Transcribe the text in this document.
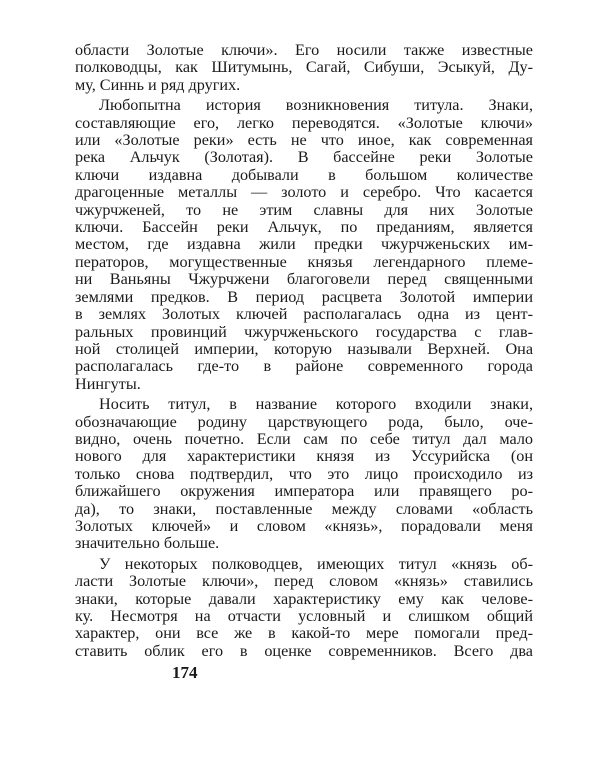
области Золотые ключи». Его носили также известные
полководцы, как Шитумынь, Сагай, Сибуши, Эсыкуй, Ду-
му, Синнь и ряд других.
Любопытна история возникновения титула. Знаки,
составляющие его, легко переводятся. «Золотые ключи»
или «Золотые реки» есть не что иное, как современная
река Альчук (Золотая). В бассейне реки Золотые
ключи издавна добывали в большом количестве
драгоценные металлы — золото и серебро. Что касается
чжурчженей, то не этим славны для них Золотые
ключи. Бассейн реки Альчук, по преданиям, является
местом, где издавна жили предки чжурчженьских им-
ператоров, могущественные князья легендарного племе-
ни Ваньяны Чжурчжени благоговели перед священными
землями предков. В период расцвета Золотой империи
в землях Золотых ключей располагалась одна из цент-
ральных провинций чжурчженьского государства с глав-
ной столицей империи, которую называли Верхней. Она
располагалась где-то в районе современного города
Нингуты.
Носить титул, в название которого входили знаки,
обозначающие родину царствующего рода, было, оче-
видно, очень почетно. Если сам по себе титул дал мало
нового для характеристики князя из Уссурийска (он
только снова подтвердил, что это лицо происходило из
ближайшего окружения императора или правящего ро-
да), то знаки, поставленные между словами «область
Золотых ключей» и словом «князь», порадовали меня
значительно больше.
У некоторых полководцев, имеющих титул «князь об-
ласти Золотые ключи», перед словом «князь» ставились
знаки, которые давали характеристику ему как челове-
ку. Несмотря на отчасти условный и слишком общий
характер, они все же в какой-то мере помогали пред-
ставить облик его в оценке современников. Всего два
174
